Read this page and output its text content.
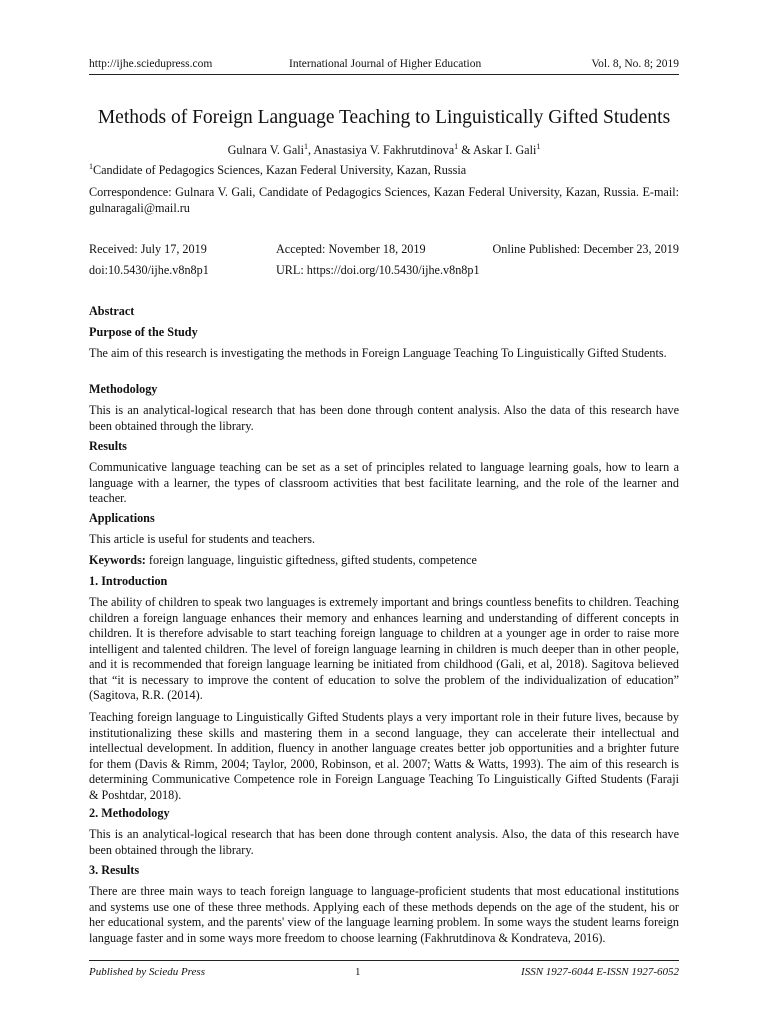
http://ijhe.sciedupress.com	International Journal of Higher Education	Vol. 8, No. 8; 2019
Methods of Foreign Language Teaching to Linguistically Gifted Students
Gulnara V. Gali$^1$, Anastasiya V. Fakhrutdinova$^1$ & Askar I. Gali$^1$
$^1$Candidate of Pedagogics Sciences, Kazan Federal University, Kazan, Russia
Correspondence: Gulnara V. Gali, Candidate of Pedagogics Sciences, Kazan Federal University, Kazan, Russia. E-mail: gulnaragali@mail.ru
Received: July 17, 2019	Accepted: November 18, 2019	Online Published: December 23, 2019
doi:10.5430/ijhe.v8n8p1	URL: https://doi.org/10.5430/ijhe.v8n8p1
Abstract
Purpose of the Study
The aim of this research is investigating the methods in Foreign Language Teaching To Linguistically Gifted Students.
Methodology
This is an analytical-logical research that has been done through content analysis. Also the data of this research have been obtained through the library.
Results
Communicative language teaching can be set as a set of principles related to language learning goals, how to learn a language with a learner, the types of classroom activities that best facilitate learning, and the role of the learner and teacher.
Applications
This article is useful for students and teachers.
Keywords: foreign language, linguistic giftedness, gifted students, competence
1. Introduction
The ability of children to speak two languages is extremely important and brings countless benefits to children. Teaching children a foreign language enhances their memory and enhances learning and understanding of different concepts in children. It is therefore advisable to start teaching foreign language to children at a younger age in order to raise more intelligent and talented children. The level of foreign language learning in children is much deeper than in other people, and it is recommended that foreign language learning be initiated from childhood (Gali, et al, 2018). Sagitova believed that “it is necessary to improve the content of education to solve the problem of the individualization of education” (Sagitova, R.R. (2014).
Teaching foreign language to Linguistically Gifted Students plays a very important role in their future lives, because by institutionalizing these skills and mastering them in a second language, they can accelerate their intellectual and intellectual development. In addition, fluency in another language creates better job opportunities and a brighter future for them (Davis & Rimm, 2004; Taylor, 2000, Robinson, et al. 2007; Watts & Watts, 1993). The aim of this research is determining Communicative Competence role in Foreign Language Teaching To Linguistically Gifted Students (Faraji & Poshtdar, 2018).
2. Methodology
This is an analytical-logical research that has been done through content analysis. Also, the data of this research have been obtained through the library.
3. Results
There are three main ways to teach foreign language to language-proficient students that most educational institutions and systems use one of these three methods. Applying each of these methods depends on the age of the student, his or her educational system, and the parents' view of the language learning problem. In some ways the student learns foreign language faster and in some ways more freedom to choose learning (Fakhrutdinova & Kondrateva, 2016).
Published by Sciedu Press	1	ISSN 1927-6044 E-ISSN 1927-6052
